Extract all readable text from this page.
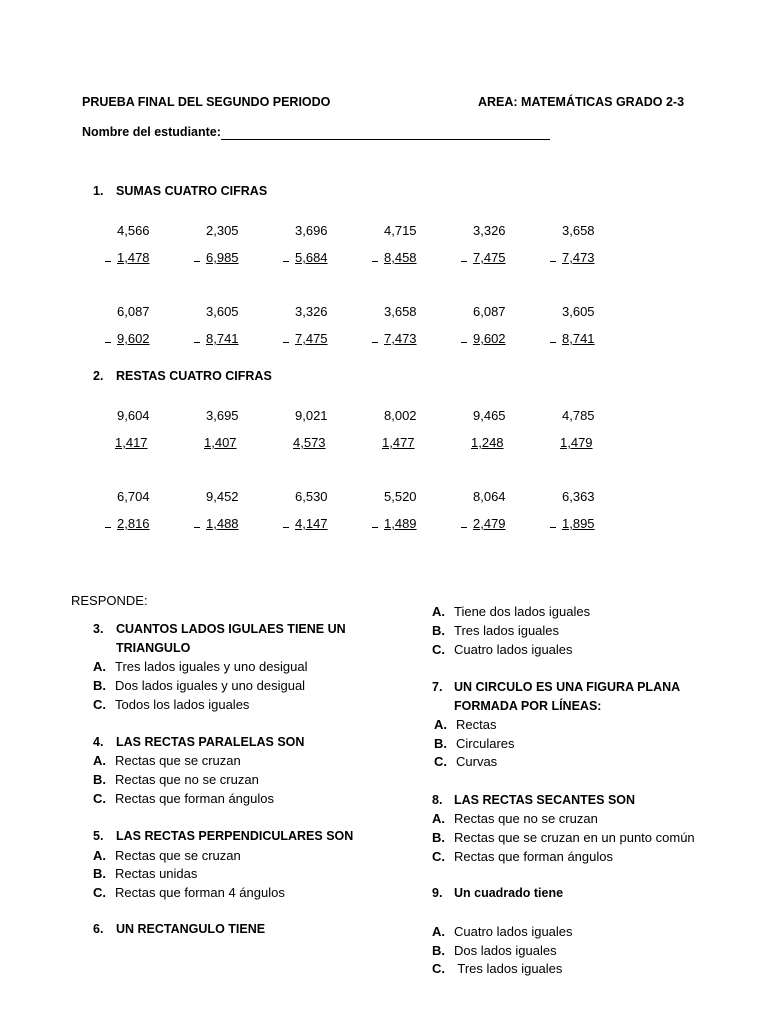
PRUEBA FINAL DEL SEGUNDO PERIODO	AREA: MATEMÁTICAS GRADO 2-3
Nombre del estudiante:
1. SUMAS CUATRO CIFRAS
4,566	2,305	3,696	4,715	3,326	3,658
1,478	6,985	5,684	8,458	7,475	7,473
6,087	3,605	3,326	3,658	6,087	3,605
9,602	8,741	7,475	7,473	9,602	8,741
2. RESTAS CUATRO CIFRAS
9,604	3,695	9,021	8,002	9,465	4,785
1,417	1,407	4,573	1,477	1,248	1,479
6,704	9,452	6,530	5,520	8,064	6,363
2,816	1,488	4,147	1,489	2,479	1,895
RESPONDE:
3. CUANTOS LADOS IGULAES TIENE UN
TRIANGULO
A. Tres lados iguales y uno desigual
B. Dos lados iguales y uno desigual
C. Todos los lados iguales
4. LAS RECTAS PARALELAS SON
A. Rectas que se cruzan
B. Rectas que no se cruzan
C. Rectas que forman ángulos
5. LAS RECTAS PERPENDICULARES SON
A. Rectas que se cruzan
B. Rectas unidas
C. Rectas que forman 4 ángulos
6. UN RECTANGULO TIENE
A. Tiene dos lados iguales
B. Tres lados iguales
C. Cuatro lados iguales
7. UN CIRCULO ES UNA FIGURA PLANA
FORMADA POR LÍNEAS:
A. Rectas
B. Circulares
C. Curvas
8. LAS RECTAS SECANTES SON
A. Rectas que no se cruzan
B. Rectas que se cruzan en un punto común
C. Rectas que forman ángulos
9. Un cuadrado tiene
A. Cuatro lados iguales
B. Dos lados iguales
C. Tres lados iguales
